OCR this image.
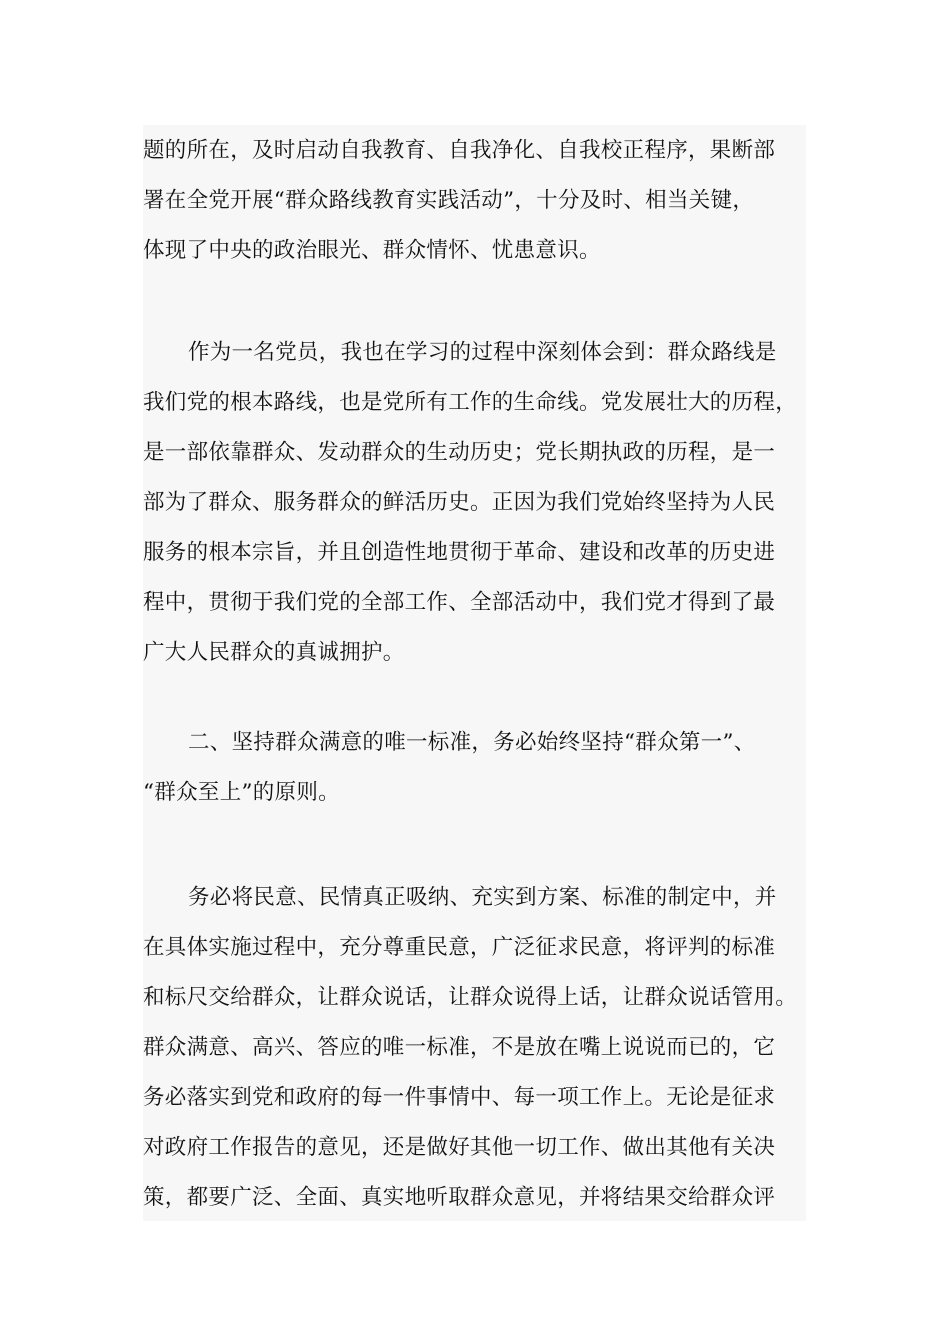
题的所在，及时启动自我教育、自我净化、自我校正程序，果断部
署在全党开展“群众路线教育实践活动”，十分及时、相当关键，
体现了中央的政治眼光、群众情怀、忧患意识。
作为一名党员，我也在学习的过程中深刻体会到：群众路线是
我们党的根本路线，也是党所有工作的生命线。党发展壮大的历程，
是一部依靠群众、发动群众的生动历史；党长期执政的历程，是一
部为了群众、服务群众的鲜活历史。正因为我们党始终坚持为人民
服务的根本宗旨，并且创造性地贯彻于革命、建设和改革的历史进
程中，贯彻于我们党的全部工作、全部活动中，我们党才得到了最
广大人民群众的真诚拥护。
二、坚持群众满意的唯一标准，务必始终坚持“群众第一”、
“群众至上”的原则。
务必将民意、民情真正吸纳、充实到方案、标准的制定中，并
在具体实施过程中，充分尊重民意，广泛征求民意，将评判的标准
和标尺交给群众，让群众说话，让群众说得上话，让群众说话管用。
群众满意、高兴、答应的唯一标准，不是放在嘴上说说而已的，它
务必落实到党和政府的每一件事情中、每一项工作上。无论是征求
对政府工作报告的意见，还是做好其他一切工作、做出其他有关决
策，都要广泛、全面、真实地听取群众意见，并将结果交给群众评
